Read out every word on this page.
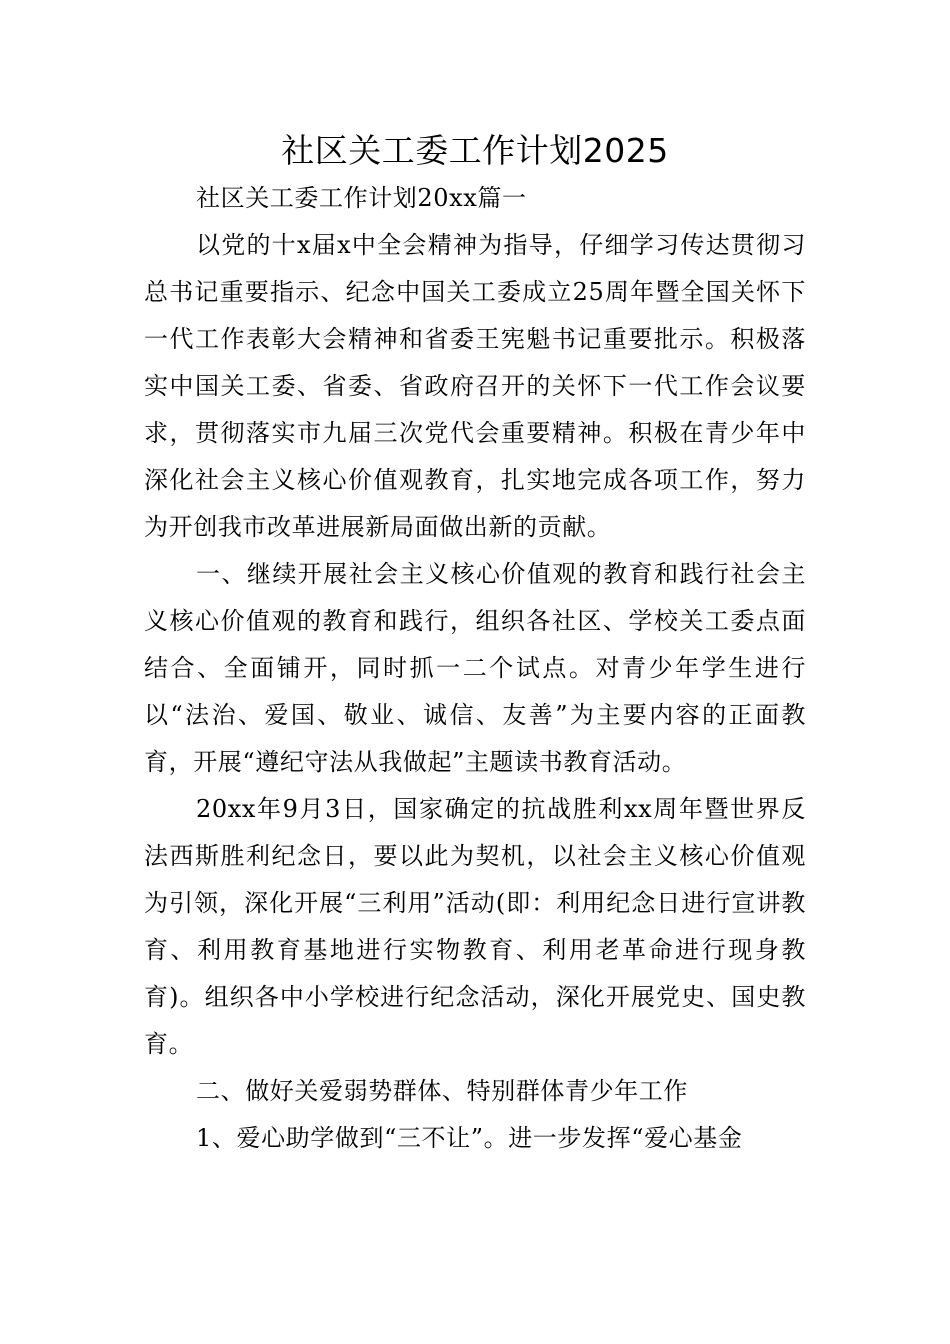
社区关工委工作计划2025

社区关工委工作计划20xx篇一

以党的十x届x中全会精神为指导，仔细学习传达贯彻习总书记重要指示、纪念中国关工委成立25周年暨全国关怀下一代工作表彰大会精神和省委王宪魁书记重要批示。积极落实中国关工委、省委、省政府召开的关怀下一代工作会议要求，贯彻落实市九届三次党代会重要精神。积极在青少年中深化社会主义核心价值观教育，扎实地完成各项工作，努力为开创我市改革进展新局面做出新的贡献。

一、继续开展社会主义核心价值观的教育和践行社会主义核心价值观的教育和践行，组织各社区、学校关工委点面结合、全面铺开，同时抓一二个试点。对青少年学生进行以“法治、爱国、敬业、诚信、友善”为主要内容的正面教育，开展“遵纪守法从我做起”主题读书教育活动。

20xx年9月3日，国家确定的抗战胜利xx周年暨世界反法西斯胜利纪念日，要以此为契机，以社会主义核心价值观为引领，深化开展“三利用”活动(即：利用纪念日进行宣讲教育、利用教育基地进行实物教育、利用老革命进行现身教育)。组织各中小学校进行纪念活动，深化开展党史、国史教育。

二、做好关爱弱势群体、特别群体青少年工作

1、爱心助学做到“三不让”。进一步发挥“爱心基金
